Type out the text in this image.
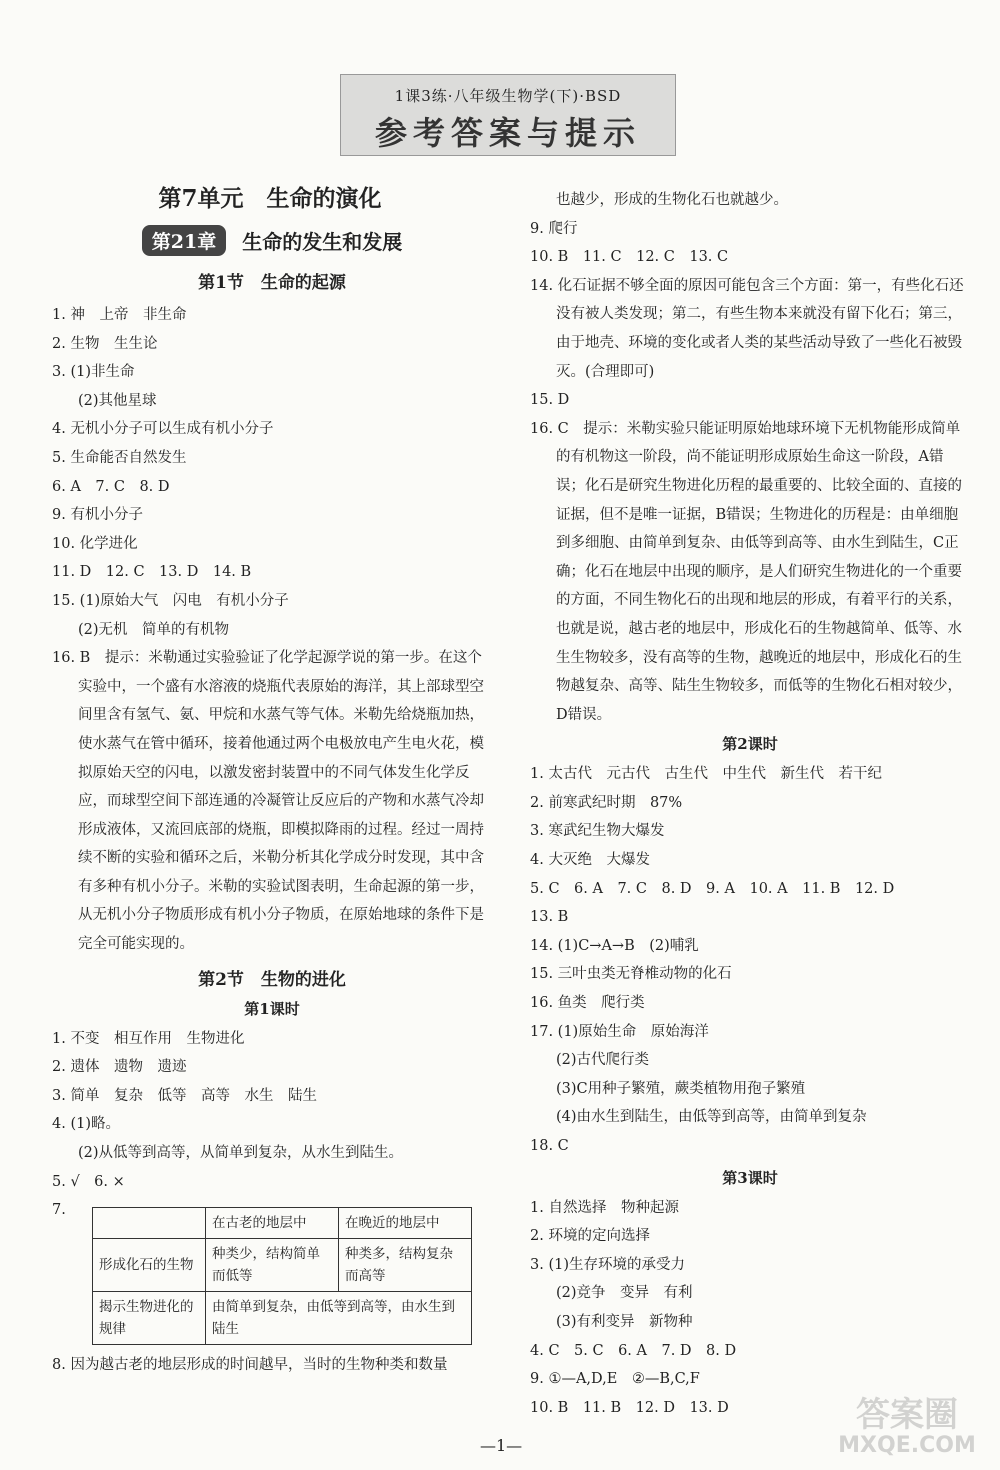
1课3练·八年级生物学(下)·BSD
参考答案与提示
第7单元　生命的演化
第21章	生命的发生和发展
第1节　生命的起源
1. 神　上帝　非生命
2. 生物　生生论
3. (1)非生命
(2)其他星球
4. 无机小分子可以生成有机小分子
5. 生命能否自然发生
6. A　7. C　8. D
9. 有机小分子
10. 化学进化
11. D　12. C　13. D　14. B
15. (1)原始大气　闪电　有机小分子
(2)无机　简单的有机物
16. B　提示：米勒通过实验验证了化学起源学说的第一步。在这个实验中，一个盛有水溶液的烧瓶代表原始的海洋，其上部球型空间里含有氢气、氨、甲烷和水蒸气等气体。米勒先给烧瓶加热，使水蒸气在管中循环，接着他通过两个电极放电产生电火花，模拟原始天空的闪电，以激发密封装置中的不同气体发生化学反应，而球型空间下部连通的冷凝管让反应后的产物和水蒸气冷却形成液体，又流回底部的烧瓶，即模拟降雨的过程。经过一周持续不断的实验和循环之后，米勒分析其化学成分时发现，其中含有多种有机小分子。米勒的实验试图表明，生命起源的第一步，从无机小分子物质形成有机小分子物质，在原始地球的条件下是完全可能实现的。
第2节　生物的进化
第1课时
1. 不变　相互作用　生物进化
2. 遗体　遗物　遗迹
3. 简单　复杂　低等　高等　水生　陆生
4. (1)略。
(2)从低等到高等，从简单到复杂，从水生到陆生。
5. √　6. ×
7.
	在古老的地层中	在晚近的地层中
形成化石的生物	种类少，结构简单而低等	种类多，结构复杂而高等
揭示生物进化的规律	由简单到复杂，由低等到高等，由水生到陆生	
8. 因为越古老的地层形成的时间越早，当时的生物种类和数量
也越少，形成的生物化石也就越少。
9. 爬行
10. B　11. C　12. C　13. C
14. 化石证据不够全面的原因可能包含三个方面：第一，有些化石还没有被人类发现；第二，有些生物本来就没有留下化石；第三，由于地壳、环境的变化或者人类的某些活动导致了一些化石被毁灭。(合理即可)
15. D
16. C　提示：米勒实验只能证明原始地球环境下无机物能形成简单的有机物这一阶段，尚不能证明形成原始生命这一阶段，A错误；化石是研究生物进化历程的最重要的、比较全面的、直接的证据，但不是唯一证据，B错误；生物进化的历程是：由单细胞到多细胞、由简单到复杂、由低等到高等、由水生到陆生，C正确；化石在地层中出现的顺序，是人们研究生物进化的一个重要的方面，不同生物化石的出现和地层的形成，有着平行的关系，也就是说，越古老的地层中，形成化石的生物越简单、低等、水生生物较多，没有高等的生物，越晚近的地层中，形成化石的生物越复杂、高等、陆生生物较多，而低等的生物化石相对较少，D错误。
第2课时
1. 太古代　元古代　古生代　中生代　新生代　若干纪
2. 前寒武纪时期　87%
3. 寒武纪生物大爆发
4. 大灭绝　大爆发
5. C　6. A　7. C　8. D　9. A　10. A　11. B　12. D
13. B
14. (1)C→A→B　(2)哺乳
15. 三叶虫类无脊椎动物的化石
16. 鱼类　爬行类
17. (1)原始生命　原始海洋
(2)古代爬行类
(3)C用种子繁殖，蕨类植物用孢子繁殖
(4)由水生到陆生，由低等到高等，由简单到复杂
18. C
第3课时
1. 自然选择　物种起源
2. 环境的定向选择
3. (1)生存环境的承受力
(2)竞争　变异　有利
(3)有利变异　新物种
4. C　5. C　6. A　7. D　8. D
9. ①—A,D,E　②—B,C,F
10. B　11. B　12. D　13. D
—1—
答案圈
MXQE.COM
